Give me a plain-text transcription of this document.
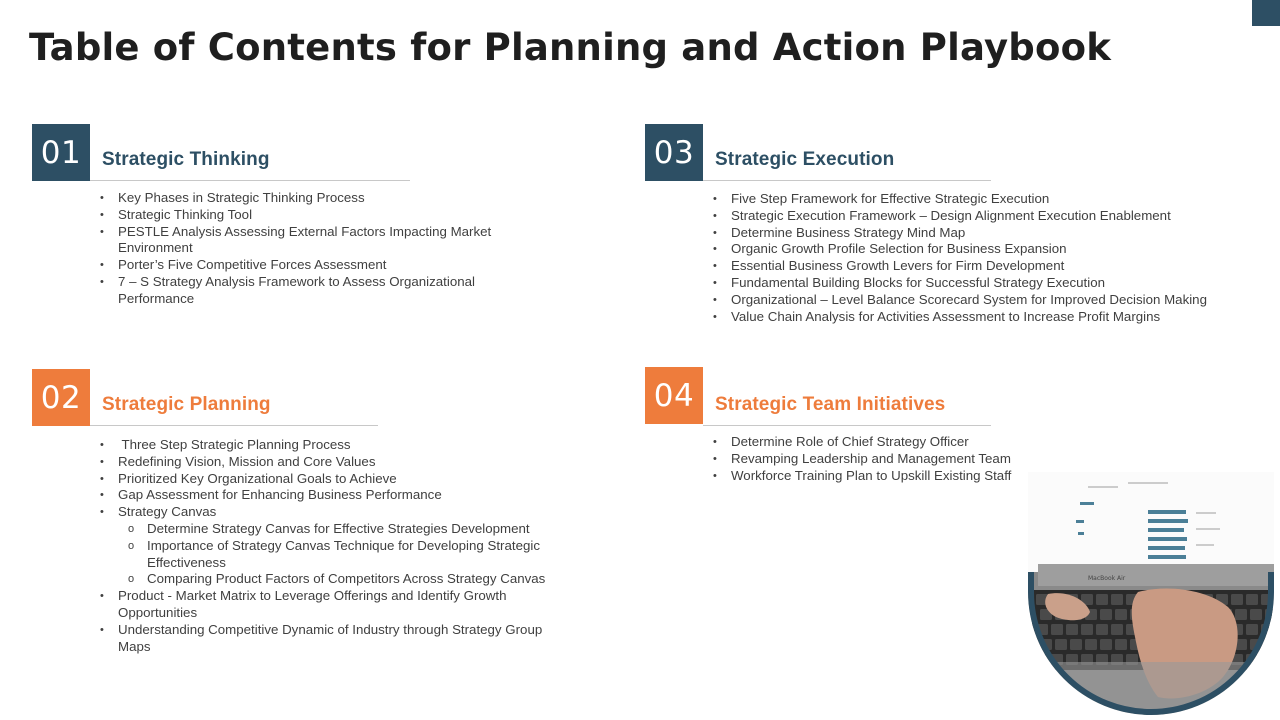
Table of Contents for Planning and Action Playbook
01	Strategic Thinking
• Key Phases in Strategic Thinking Process
• Strategic Thinking Tool
• PESTLE Analysis Assessing External Factors Impacting Market Environment
• Porter’s Five Competitive Forces Assessment
• 7 – S Strategy Analysis Framework to Assess Organizational Performance
02	Strategic Planning
•  Three Step Strategic Planning Process
• Redefining Vision, Mission and Core Values
• Prioritized Key Organizational Goals to Achieve
• Gap Assessment for Enhancing Business Performance
• Strategy Canvas
o Determine Strategy Canvas for Effective Strategies Development
o Importance of Strategy Canvas Technique for Developing Strategic Effectiveness
o Comparing Product Factors of Competitors Across Strategy Canvas
• Product - Market Matrix to Leverage Offerings and Identify Growth Opportunities
• Understanding Competitive Dynamic of Industry through Strategy Group Maps
03	Strategic Execution
• Five Step Framework for Effective Strategic Execution
• Strategic Execution Framework – Design Alignment Execution Enablement
• Determine Business Strategy Mind Map
• Organic Growth Profile Selection for Business Expansion
• Essential Business Growth Levers for Firm Development
• Fundamental Building Blocks for Successful Strategy Execution
• Organizational – Level Balance Scorecard System for Improved Decision Making
• Value Chain Analysis for Activities Assessment to Increase Profit Margins
04	Strategic Team Initiatives
• Determine Role of Chief Strategy Officer
• Revamping Leadership and Management Team
• Workforce Training Plan to Upskill Existing Staff
MacBook Air
